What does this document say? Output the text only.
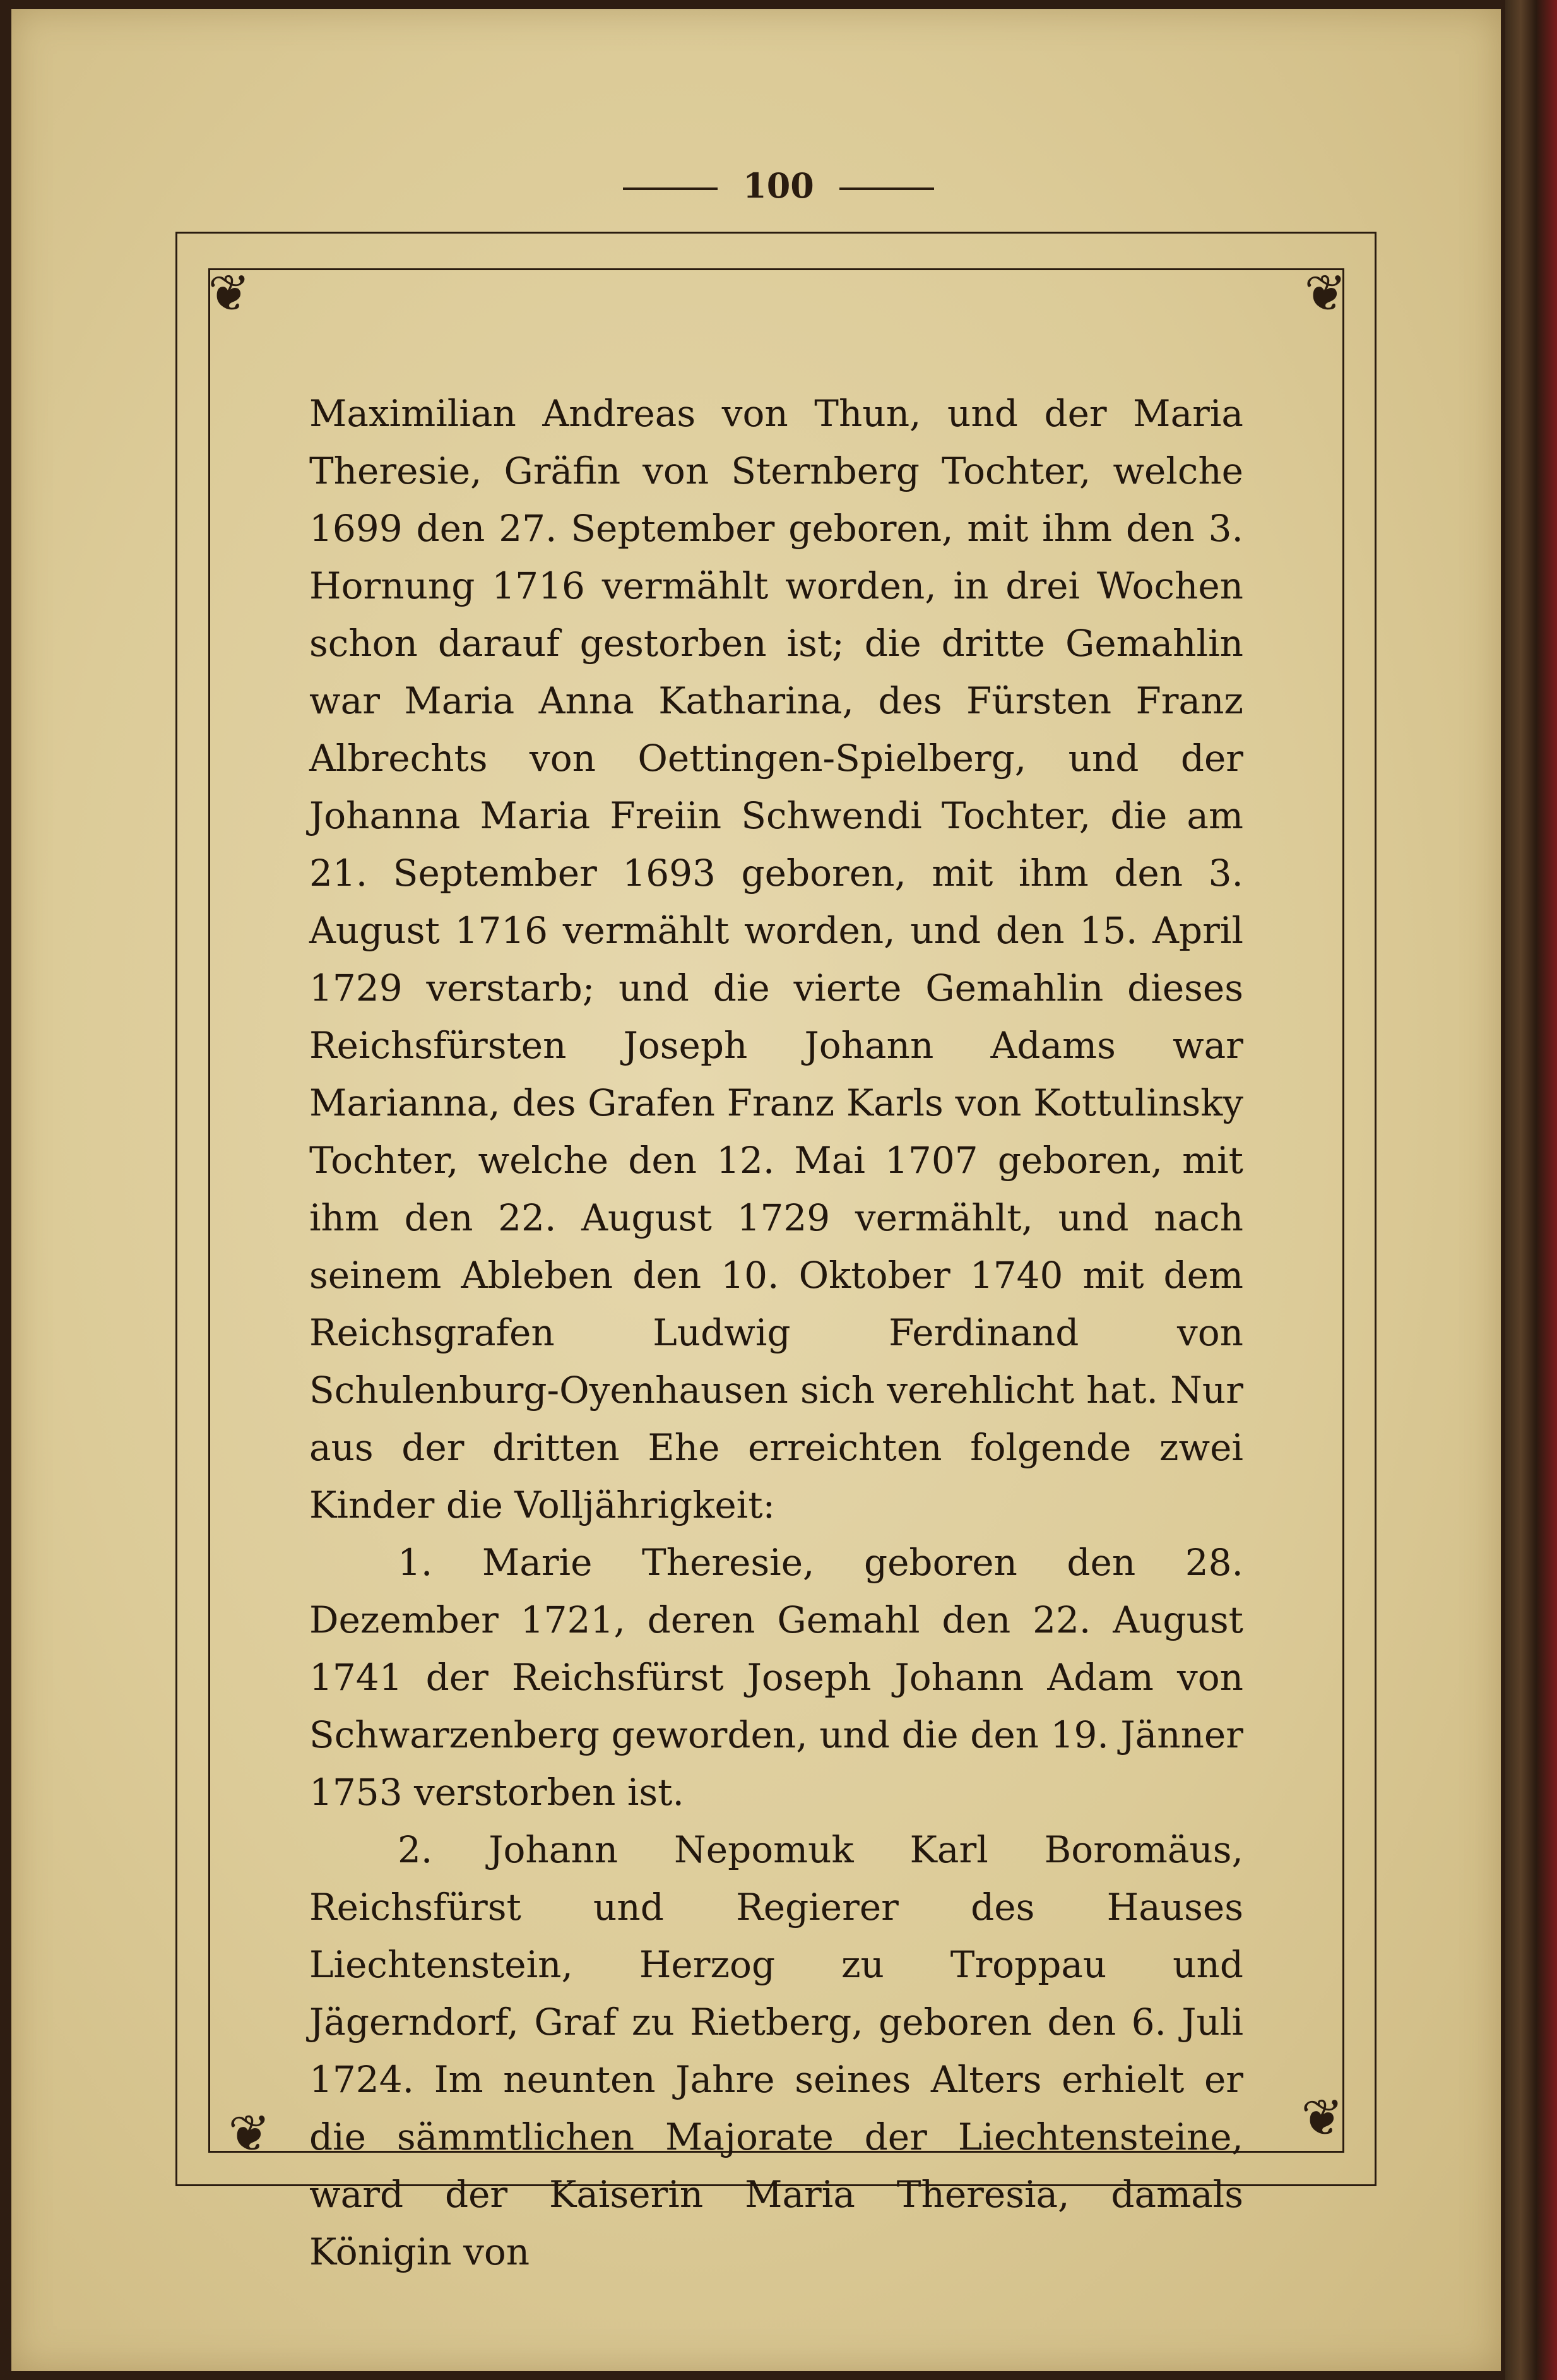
100
❦	❦
❦	❦

Maximilian Andreas von Thun, und der Maria Theresie, Gräfin von Sternberg Tochter, welche 1699 den 27. September geboren, mit ihm den 3. Hornung 1716 vermählt worden, in drei Wochen schon darauf gestorben ist; die dritte Gemahlin war Maria Anna Katharina, des Fürsten Franz Albrechts von Oettingen-Spielberg, und der Johanna Maria Freiin Schwendi Tochter, die am 21. September 1693 geboren, mit ihm den 3. August 1716 vermählt worden, und den 15. April 1729 verstarb; und die vierte Gemahlin dieses Reichsfürsten Joseph Johann Adams war Marianna, des Grafen Franz Karls von Kottulinsky Tochter, welche den 12. Mai 1707 geboren, mit ihm den 22. August 1729 vermählt, und nach seinem Ableben den 10. Oktober 1740 mit dem Reichsgrafen Ludwig Ferdinand von Schulenburg-Oyenhausen sich verehlicht hat. Nur aus der dritten Ehe erreichten folgende zwei Kinder die Volljährigkeit:

1. Marie Theresie, geboren den 28. Dezember 1721, deren Gemahl den 22. August 1741 der Reichsfürst Joseph Johann Adam von Schwarzenberg geworden, und die den 19. Jänner 1753 verstorben ist.

2. Johann Nepomuk Karl Boromäus, Reichsfürst und Regierer des Hauses Liechtenstein, Herzog zu Troppau und Jägerndorf, Graf zu Rietberg, geboren den 6. Juli 1724. Im neunten Jahre seines Alters erhielt er die sämmtlichen Majorate der Liechtensteine, ward der Kaiserin Maria Theresia, damals Königin von
